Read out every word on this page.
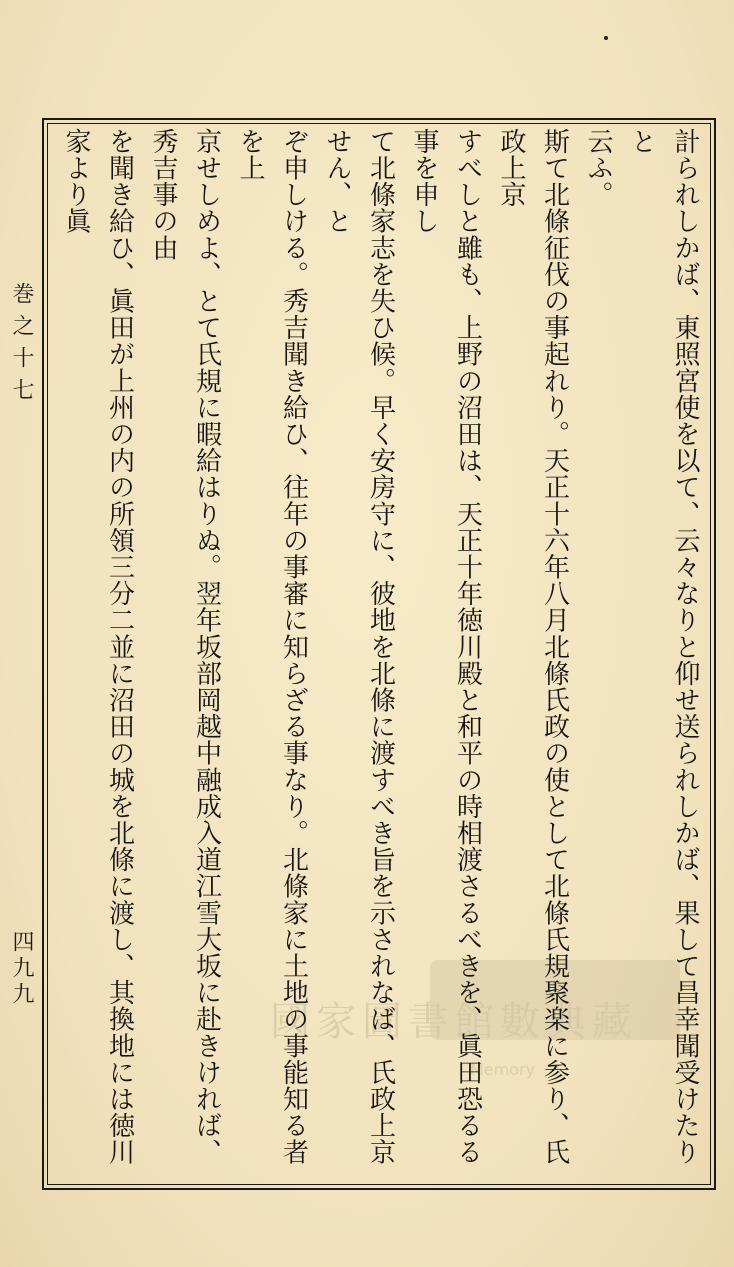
巻之十七
四九九
國家圖書館數典藏
Memory	計られしかば、東照宮使を以て、云々なりと仰せ送られしかば、果して昌幸聞受けたりと

云ふ。

斯て北條征伐の事起れり。天正十六年八月北條氏政の使として北條氏規聚楽に参り、氏政上京

すべしと雖も、上野の沼田は、天正十年徳川殿と和平の時相渡さるべきを、眞田恐るる事を申し

て北條家志を失ひ候。早く安房守に、彼地を北條に渡すべき旨を示されなば、氏政上京せん、と

ぞ申しける。秀吉聞き給ひ、往年の事審に知らざる事なり。北條家に土地の事能知る者を上

京せしめよ、とて氏規に暇給はりぬ。翌年坂部岡越中融成入道江雪大坂に赴きければ、秀吉事の由

を聞き給ひ、眞田が上州の内の所領三分二並に沼田の城を北條に渡し、其換地には徳川家より眞
